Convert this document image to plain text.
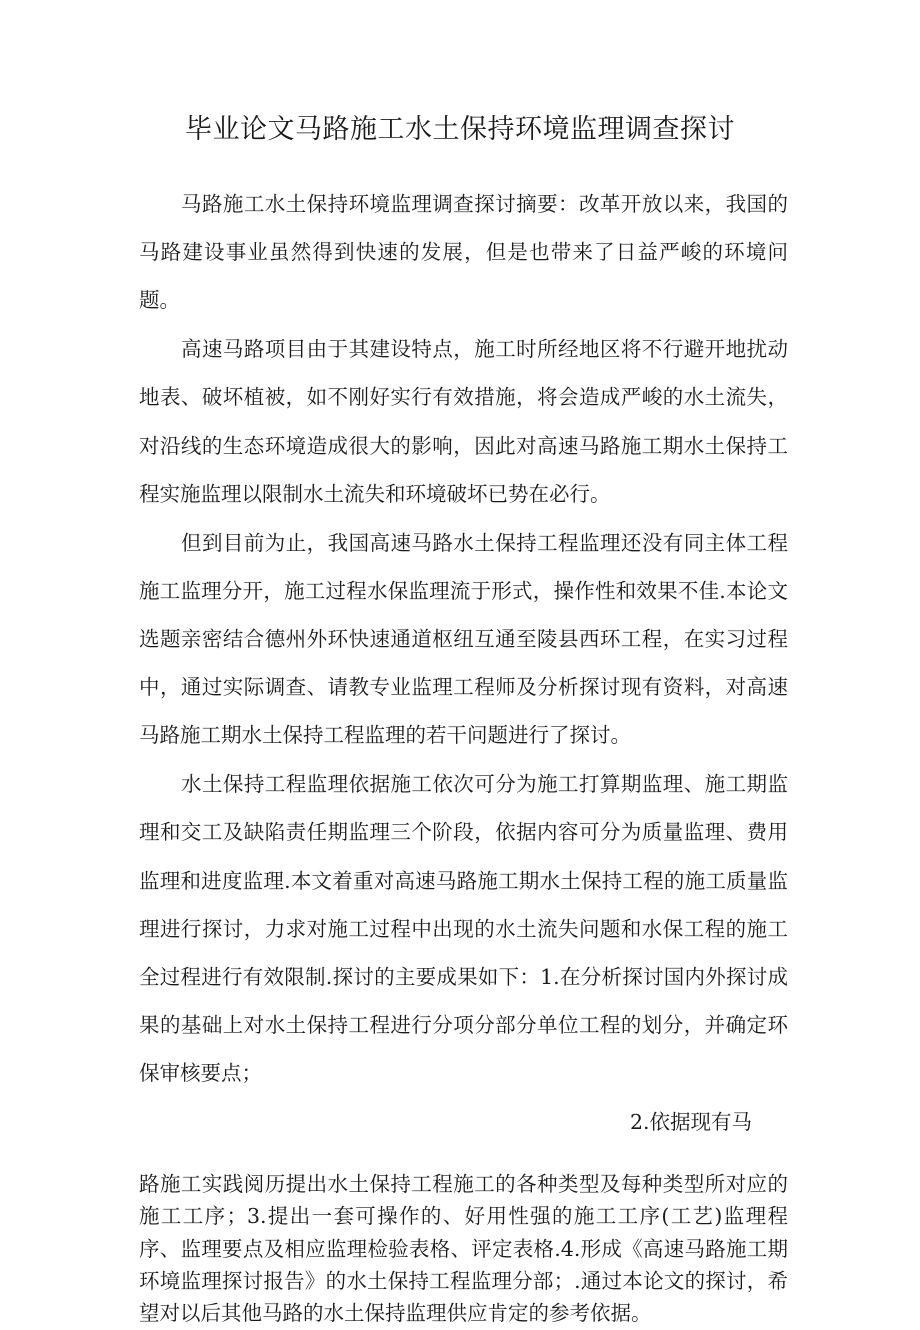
毕业论文马路施工水土保持环境监理调查探讨

马路施工水土保持环境监理调查探讨摘要：改革开放以来，我国的马路建设事业虽然得到快速的发展，但是也带来了日益严峻的环境问题。

高速马路项目由于其建设特点，施工时所经地区将不行避开地扰动地表、破坏植被，如不刚好实行有效措施，将会造成严峻的水土流失，对沿线的生态环境造成很大的影响，因此对高速马路施工期水土保持工程实施监理以限制水土流失和环境破坏已势在必行。

但到目前为止，我国高速马路水土保持工程监理还没有同主体工程施工监理分开，施工过程水保监理流于形式，操作性和效果不佳.本论文选题亲密结合德州外环快速通道枢纽互通至陵县西环工程，在实习过程中，通过实际调查、请教专业监理工程师及分析探讨现有资料，对高速马路施工期水土保持工程监理的若干问题进行了探讨。

水土保持工程监理依据施工依次可分为施工打算期监理、施工期监理和交工及缺陷责任期监理三个阶段，依据内容可分为质量监理、费用监理和进度监理.本文着重对高速马路施工期水土保持工程的施工质量监理进行探讨，力求对施工过程中出现的水土流失问题和水保工程的施工全过程进行有效限制.探讨的主要成果如下：1.在分析探讨国内外探讨成果的基础上对水土保持工程进行分项分部分单位工程的划分，并确定环保审核要点；

2.依据现有马

路施工实践阅历提出水土保持工程施工的各种类型及每种类型所对应的施工工序；3.提出一套可操作的、好用性强的施工工序(工艺)监理程序、监理要点及相应监理检验表格、评定表格.4.形成《高速马路施工期环境监理探讨报告》的水土保持工程监理分部；.通过本论文的探讨，希望对以后其他马路的水土保持监理供应肯定的参考依据。
